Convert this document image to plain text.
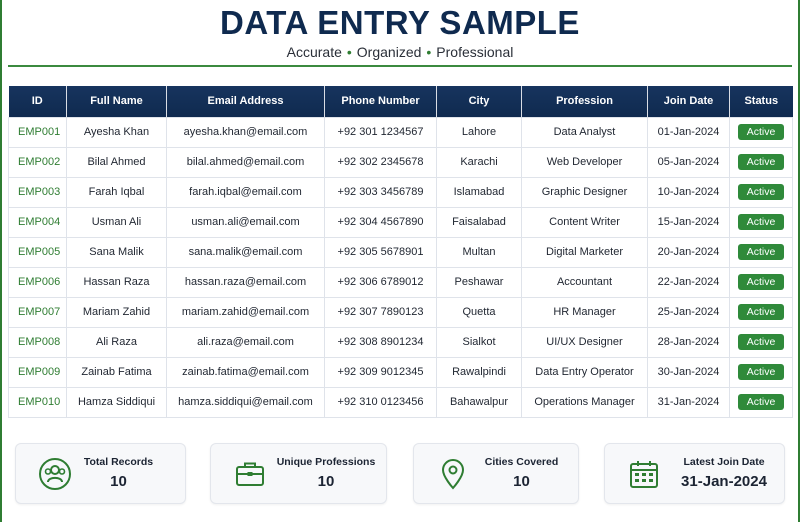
DATA ENTRY SAMPLE
Accurate • Organized • Professional
ID	Full Name	Email Address	Phone Number	City	Profession	Join Date	Status
EMP001	Ayesha Khan	ayesha.khan@email.com	+92 301 1234567	Lahore	Data Analyst	01-Jan-2024	Active
EMP002	Bilal Ahmed	bilal.ahmed@email.com	+92 302 2345678	Karachi	Web Developer	05-Jan-2024	Active
EMP003	Farah Iqbal	farah.iqbal@email.com	+92 303 3456789	Islamabad	Graphic Designer	10-Jan-2024	Active
EMP004	Usman Ali	usman.ali@email.com	+92 304 4567890	Faisalabad	Content Writer	15-Jan-2024	Active
EMP005	Sana Malik	sana.malik@email.com	+92 305 5678901	Multan	Digital Marketer	20-Jan-2024	Active
EMP006	Hassan Raza	hassan.raza@email.com	+92 306 6789012	Peshawar	Accountant	22-Jan-2024	Active
EMP007	Mariam Zahid	mariam.zahid@email.com	+92 307 7890123	Quetta	HR Manager	25-Jan-2024	Active
EMP008	Ali Raza	ali.raza@email.com	+92 308 8901234	Sialkot	UI/UX Designer	28-Jan-2024	Active
EMP009	Zainab Fatima	zainab.fatima@email.com	+92 309 9012345	Rawalpindi	Data Entry Operator	30-Jan-2024	Active
EMP010	Hamza Siddiqui	hamza.siddiqui@email.com	+92 310 0123456	Bahawalpur	Operations Manager	31-Jan-2024	Active
Total Records
10
Unique Professions
10
Cities Covered
10
Latest Join Date
31-Jan-2024
